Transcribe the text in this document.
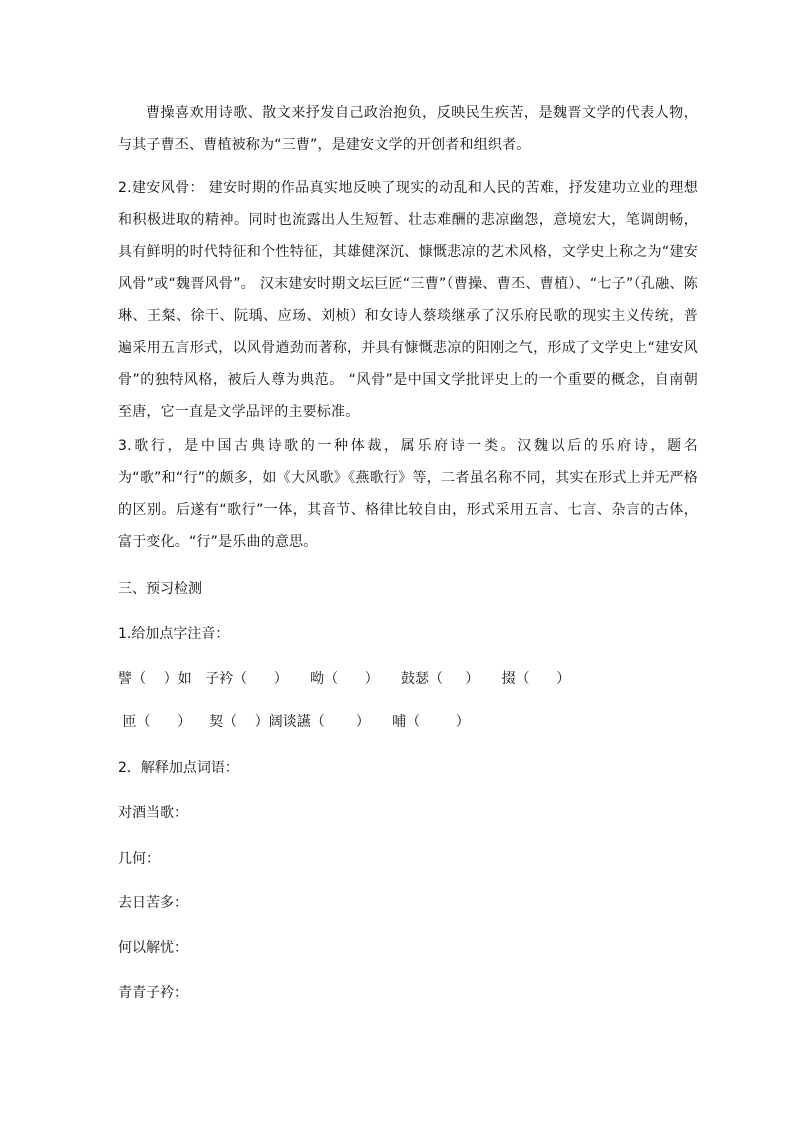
曹操喜欢用诗歌、散文来抒发自己政治抱负，反映民生疾苦，是魏晋文学的代表人物，与其子曹丕、曹植被称为“三曹”，是建安文学的开创者和组织者。

2.建安风骨： 建安时期的作品真实地反映了现实的动乱和人民的苦难，抒发建功立业的理想和积极进取的精神。同时也流露出人生短暂、壮志难酬的悲凉幽怨，意境宏大，笔调朗畅，具有鲜明的时代特征和个性特征，其雄健深沉、慷慨悲凉的艺术风格，文学史上称之为“建安风骨”或“魏晋风骨”。 汉末建安时期文坛巨匠“三曹”（曹操、曹丕、曹植）、“七子”（孔融、陈琳、王粲、徐干、阮瑀、应玚、刘桢）和女诗人蔡琰继承了汉乐府民歌的现实主义传统，普遍采用五言形式，以风骨遒劲而著称，并具有慷慨悲凉的阳刚之气，形成了文学史上“建安风骨”的独特风格，被后人尊为典范。 “风骨”是中国文学批评史上的一个重要的概念，自南朝至唐，它一直是文学品评的主要标准。

3.歌行，是中国古典诗歌的一种体裁，属乐府诗一类。汉魏以后的乐府诗，题名为“歌”和“行”的颇多，如《大风歌》《燕歌行》等，二者虽名称不同，其实在形式上并无严格的区别。后遂有“歌行”一体，其音节、格律比较自由，形式采用五言、七言、杂言的古体，富于变化。“行”是乐曲的意思。

三、预习检测

1.给加点字注音：

譬（    ）如   子衿（      ）     呦（      ）     鼓瑟（     ）     掇（      ）

匝（      ）    契（    ）阔谈讌（       ）     哺（        ）

2．解释加点词语：

对酒当歌：

几何：

去日苦多：

何以解忧：

青青子衿：
